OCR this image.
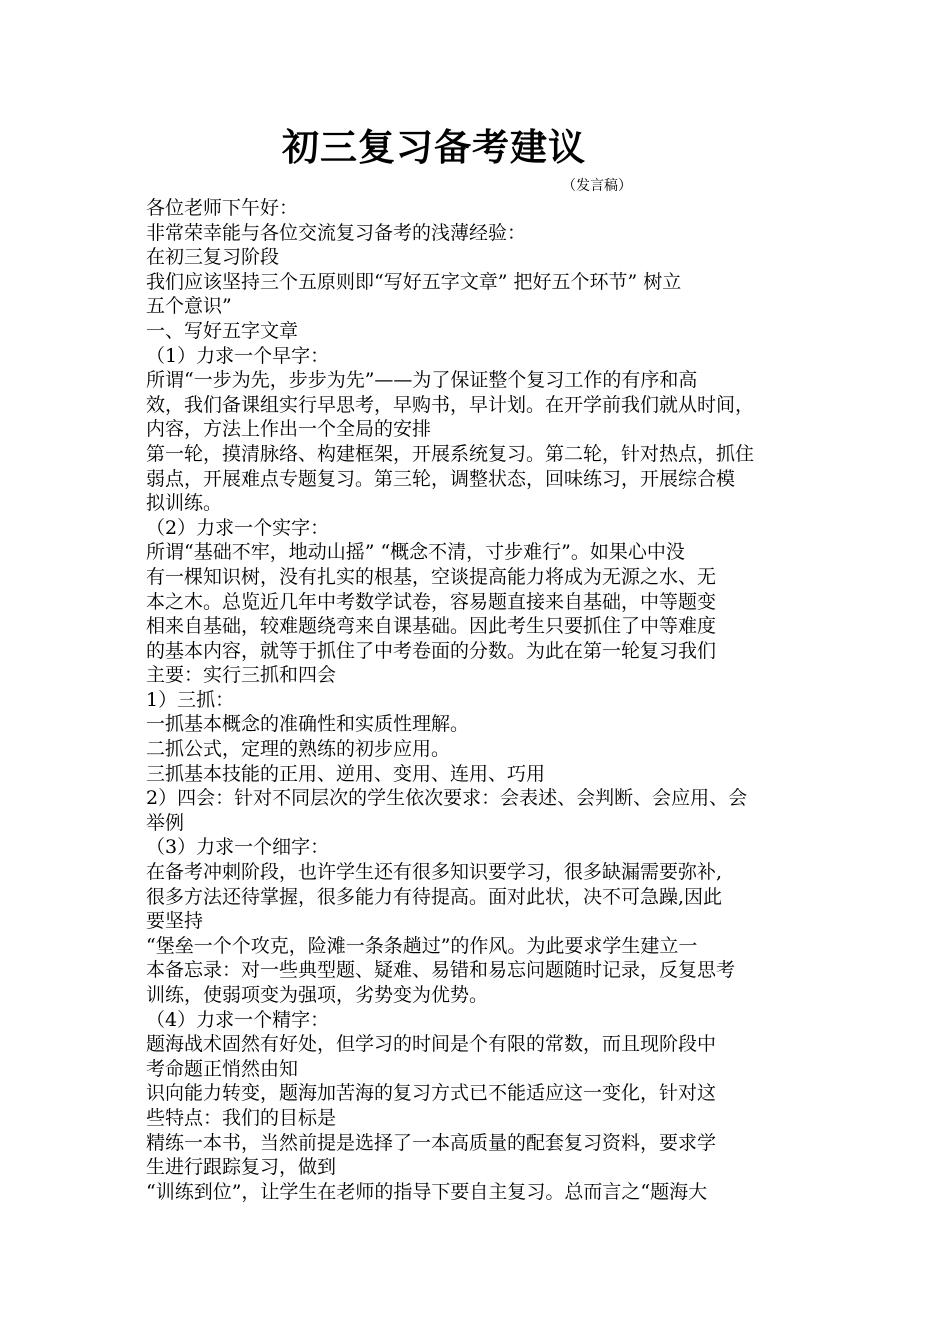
初三复习备考建议
（发言稿）
各位老师下午好：
非常荣幸能与各位交流复习备考的浅薄经验：
在初三复习阶段
我们应该坚持三个五原则即“写好五字文章” 把好五个环节” 树立
五个意识”
一、写好五字文章
（1）力求一个早字：
所谓“一步为先，步步为先”——为了保证整个复习工作的有序和高
效，我们备课组实行早思考，早购书，早计划。在开学前我们就从时间，
内容，方法上作出一个全局的安排
第一轮，摸清脉络、构建框架，开展系统复习。第二轮，针对热点，抓住
弱点，开展难点专题复习。第三轮，调整状态，回味练习，开展综合模
拟训练。
（2）力求一个实字：
所谓“基础不牢，地动山摇” “概念不清，寸步难行”。如果心中没
有一棵知识树，没有扎实的根基，空谈提高能力将成为无源之水、无
本之木。总览近几年中考数学试卷，容易题直接来自基础，中等题变
相来自基础，较难题绕弯来自课基础。因此考生只要抓住了中等难度
的基本内容，就等于抓住了中考卷面的分数。为此在第一轮复习我们
主要：实行三抓和四会
1）三抓：
一抓基本概念的准确性和实质性理解。
二抓公式，定理的熟练的初步应用。
三抓基本技能的正用、逆用、变用、连用、巧用
2）四会：针对不同层次的学生依次要求：会表述、会判断、会应用、会
举例
（3）力求一个细字：
在备考冲刺阶段，也许学生还有很多知识要学习，很多缺漏需要弥补,
很多方法还待掌握，很多能力有待提高。面对此状，决不可急躁,因此
要坚持
“堡垒一个个攻克，险滩一条条趟过”的作风。为此要求学生建立一
本备忘录：对一些典型题、疑难、易错和易忘问题随时记录，反复思考
训练，使弱项变为强项，劣势变为优势。
（4）力求一个精字：
题海战术固然有好处，但学习的时间是个有限的常数，而且现阶段中
考命题正悄然由知
识向能力转变，题海加苦海的复习方式已不能适应这一变化，针对这
些特点：我们的目标是
精练一本书，当然前提是选择了一本高质量的配套复习资料，要求学
生进行跟踪复习，做到
“训练到位”，让学生在老师的指导下要自主复习。总而言之“题海大
